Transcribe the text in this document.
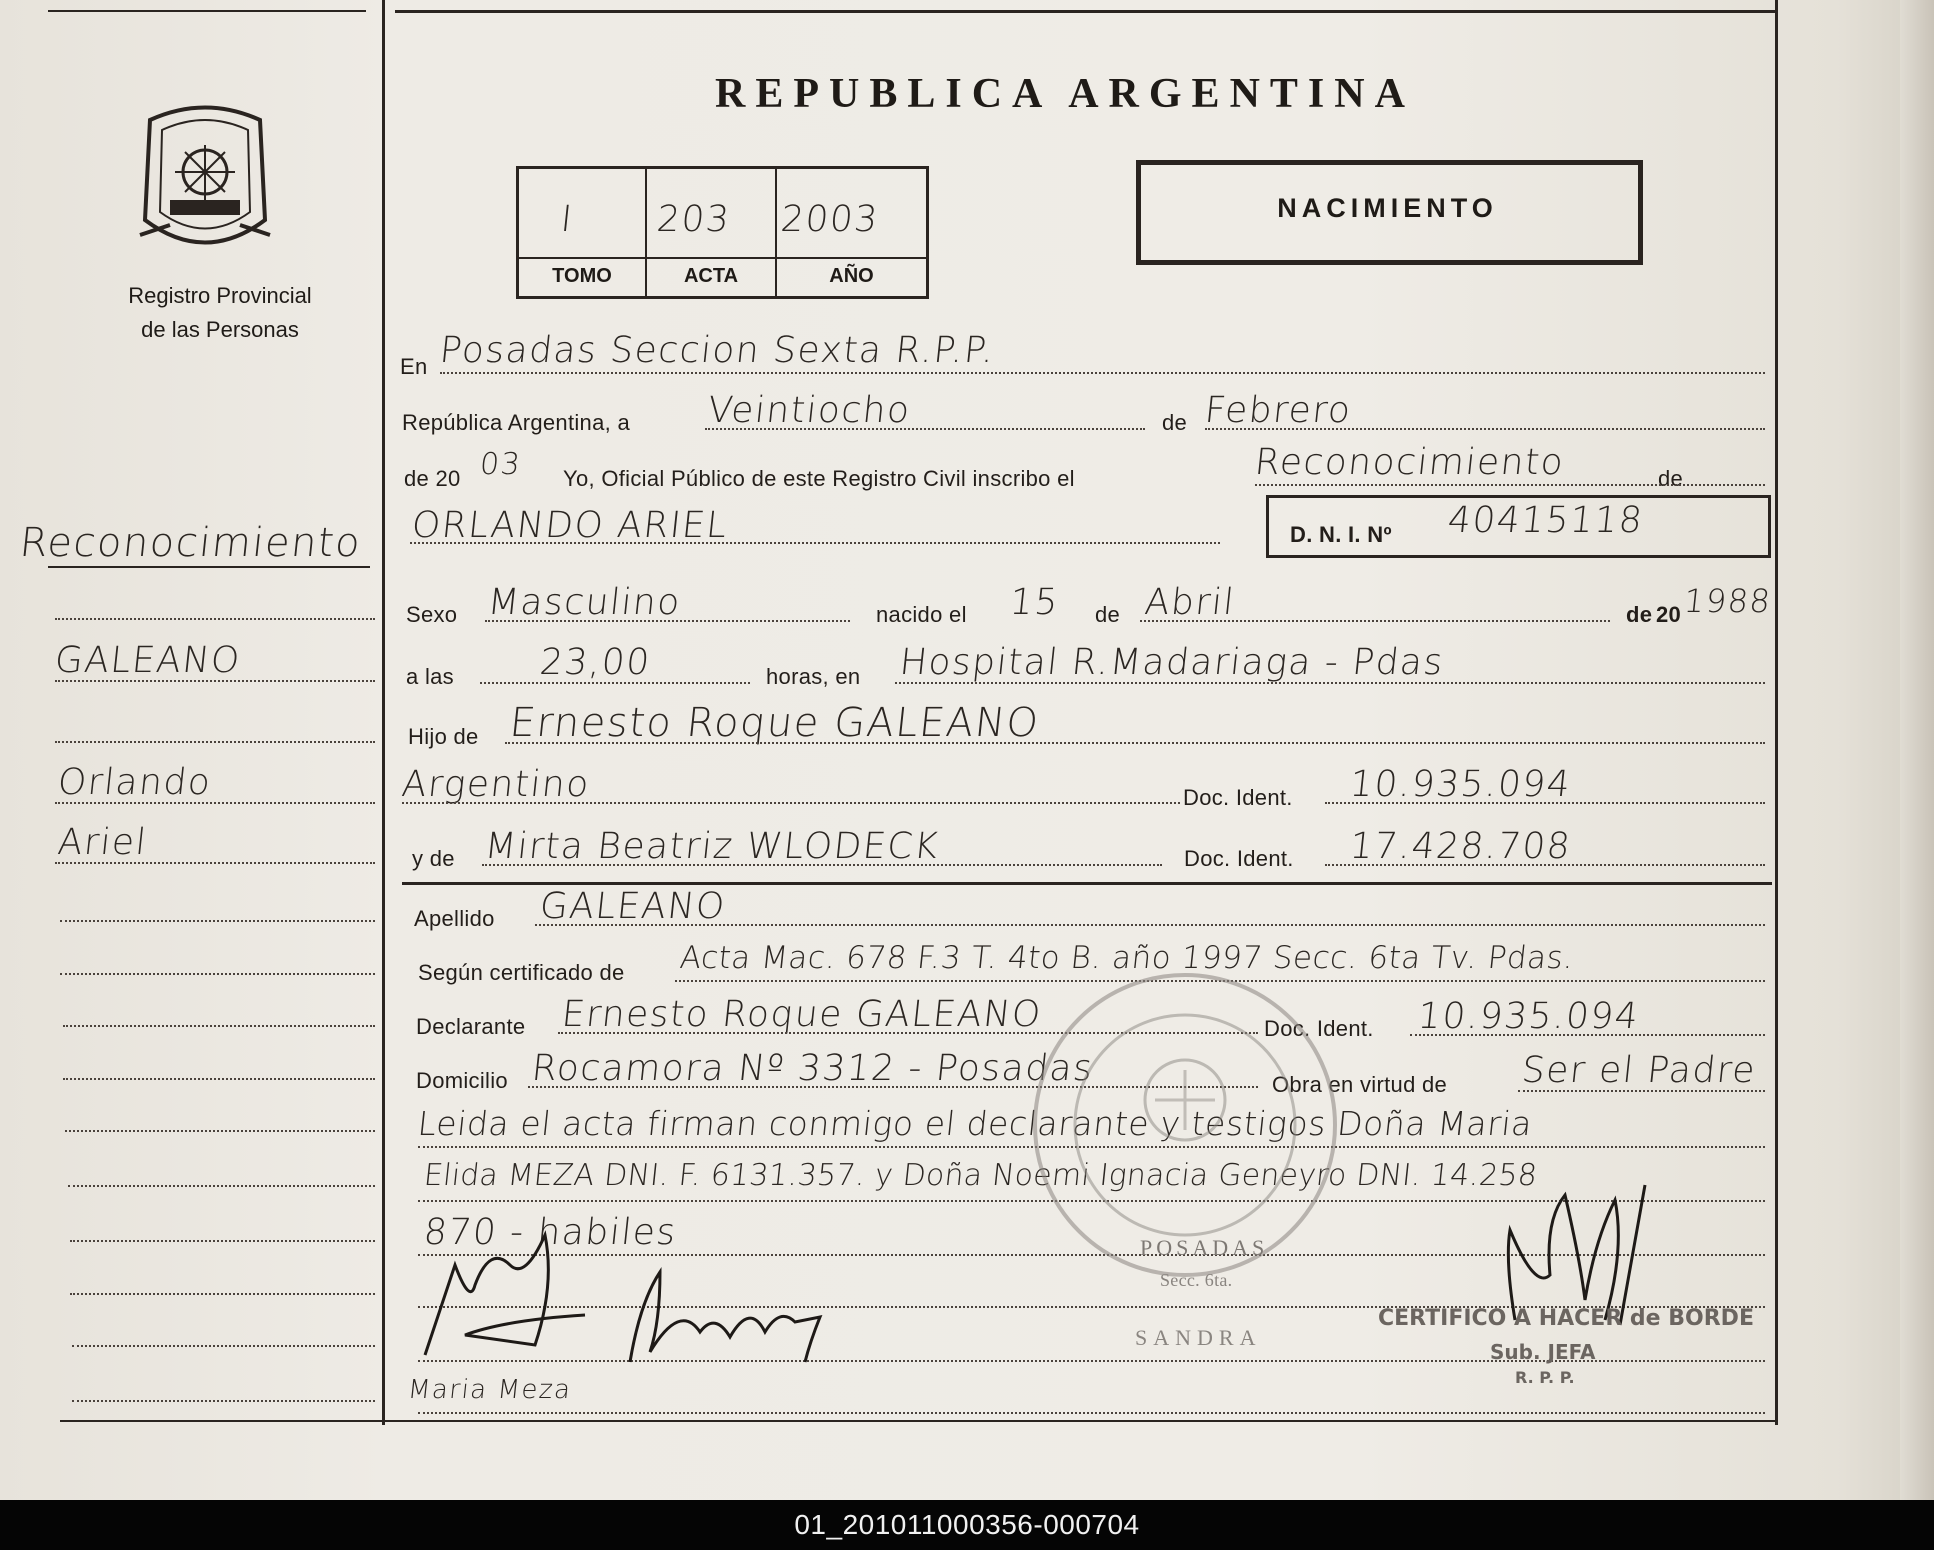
Registro Provincial
de las Personas
REPUBLICA ARGENTINA
I 203 2003
TOMO	ACTA	AÑO
NACIMIENTO
Reconocimiento
GALEANO
Orlando
Ariel
En Posadas Seccion Sexta R.P.P.
República Argentina, a Veintiocho	de Febrero
de 20 03 Yo, Oficial Público de este Registro Civil inscribo el	Reconocimiento	de
ORLANDO ARIEL	D. N. I. Nº 40415118
Sexo Masculino	nacido el 15 de Abril	de 20 1988
a las 23,00	horas, en Hospital R.Madariaga - Pdas
Hijo de Ernesto Roque GALEANO
Argentino	Doc. Ident. 10.935.094
y de Mirta Beatriz WLODECK	Doc. Ident. 17.428.708
Apellido GALEANO
Según certificado de Acta Mac. 678 F.3 T. 4to B. año 1997 Secc. 6ta Tv. Pdas.
Declarante Ernesto Roque GALEANO	Doc. Ident. 10.935.094
Domicilio Rocamora Nº 3312 - Posadas	Obra en virtud de Ser el Padre
Leida el acta firman conmigo el declarante y testigos Doña Maria
Elida MEZA DNI. F. 6131.357. y Doña Noemi Ignacia Geneyro DNI. 14.258
870 - habiles	POSADAS
Secc. 6ta.
SANDRA
Maria Meza
CERTIFICO A HACER de BORDE
Sub. JEFA
R. P. P.
01_201011000356-000704
